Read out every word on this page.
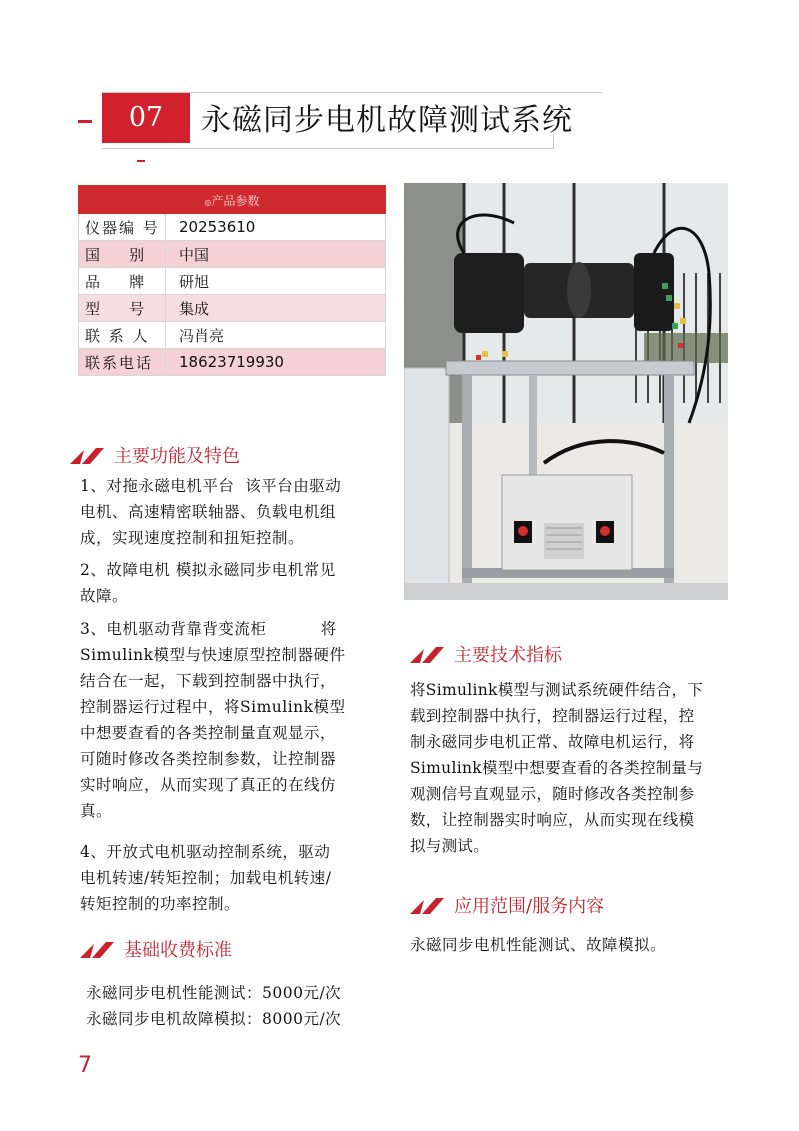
07	永磁同步电机故障测试系统
◎产品参数
仪器编 号	20253610
国    别	中国
品    牌	研旭
型    号	集成
联 系 人	冯肖亮
联系电话	18623719930
主要功能及特色
1、对拖永磁电机平台  该平台由驱动
电机、高速精密联轴器、负载电机组
成，实现速度控制和扭矩控制。
2、故障电机 模拟永磁同步电机常见
故障。
3、电机驱动背靠背变流柜          将
Simulink模型与快速原型控制器硬件
结合在一起，下载到控制器中执行，
控制器运行过程中，将Simulink模型
中想要查看的各类控制量直观显示，
可随时修改各类控制参数，让控制器
实时响应，从而实现了真正的在线仿
真。
4、开放式电机驱动控制系统，驱动
电机转速/转矩控制；加载电机转速/
转矩控制的功率控制。
基础收费标准
永磁同步电机性能测试：5000元/次
永磁同步电机故障模拟：8000元/次
主要技术指标
将Simulink模型与测试系统硬件结合，下
载到控制器中执行，控制器运行过程，控
制永磁同步电机正常、故障电机运行，将
Simulink模型中想要查看的各类控制量与
观测信号直观显示，随时修改各类控制参
数，让控制器实时响应，从而实现在线模
拟与测试。
应用范围/服务内容
永磁同步电机性能测试、故障模拟。
7
